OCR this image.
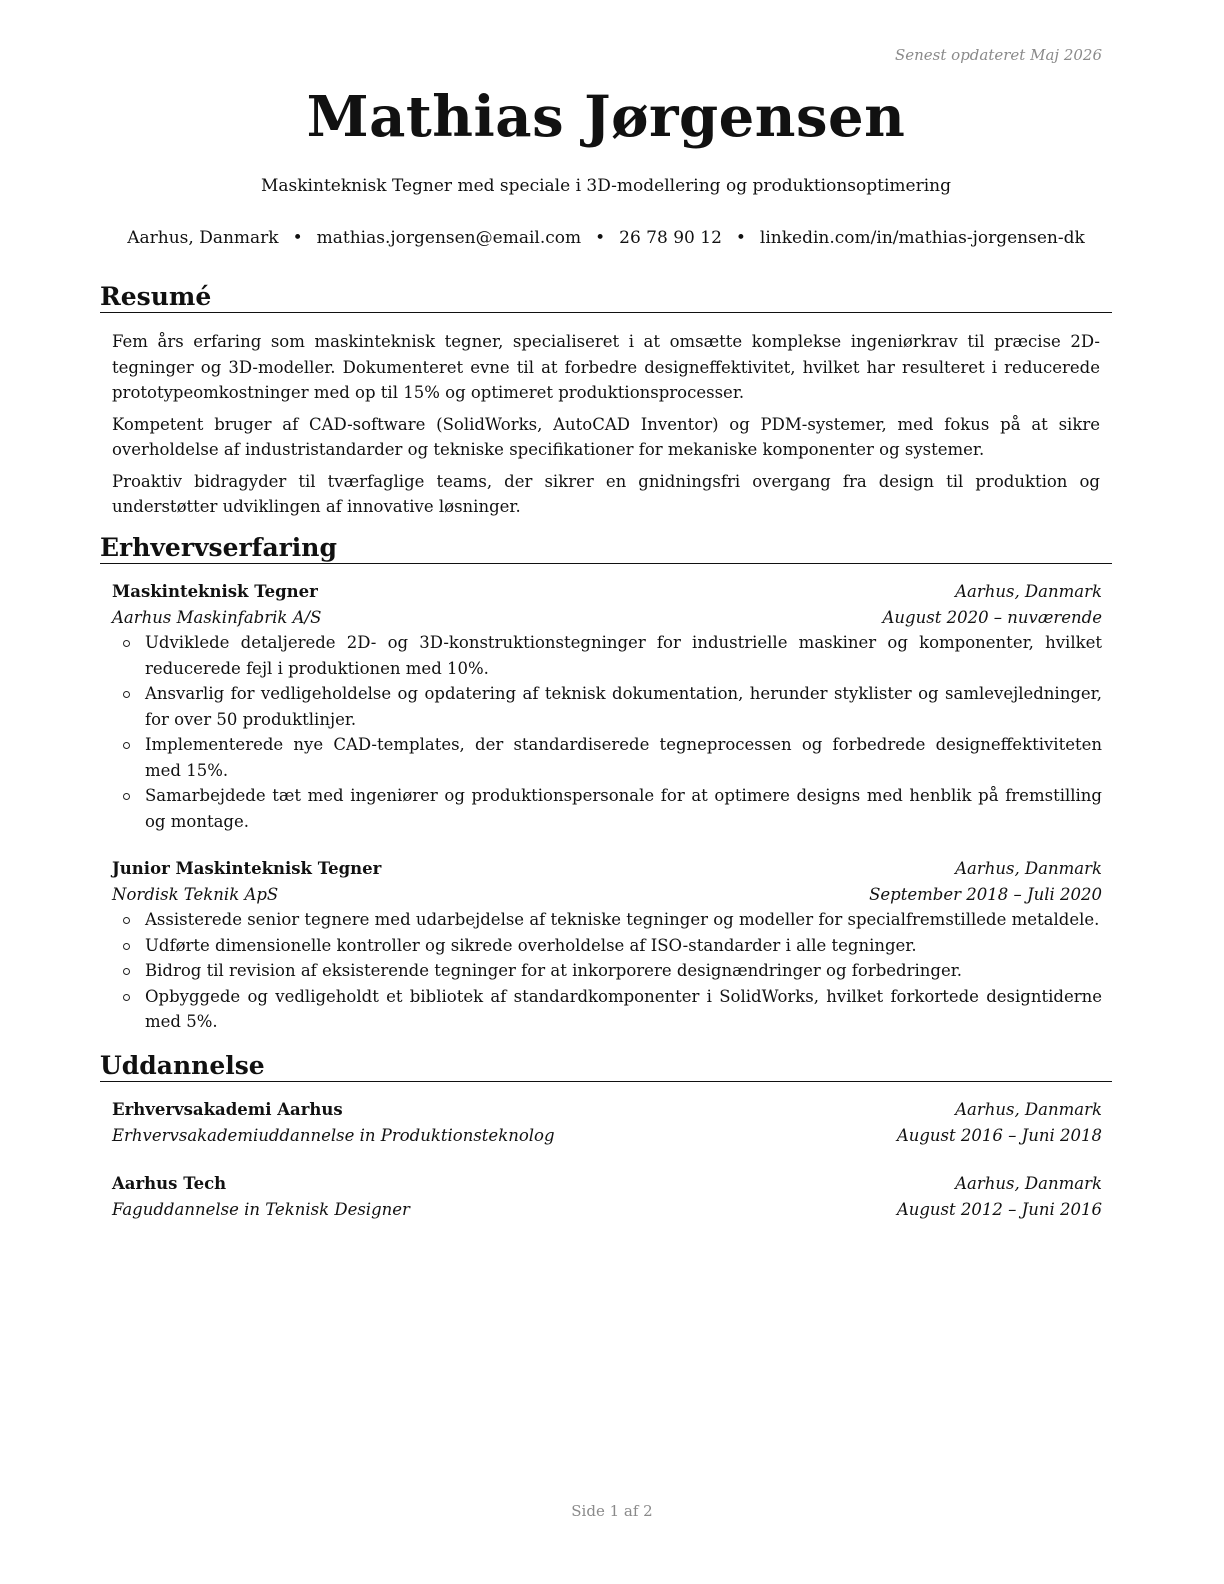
Senest opdateret Maj 2026
Mathias Jørgensen
Maskinteknisk Tegner med speciale i 3D-modellering og produktionsoptimering
Aarhus, Danmark • mathias.jorgensen@email.com • 26 78 90 12 • linkedin.com/in/mathias-jorgensen-dk
Resumé

Fem års erfaring som maskinteknisk tegner, specialiseret i at omsætte komplekse ingeniørkrav til præcise 2D-tegninger og 3D-modeller. Dokumenteret evne til at forbedre designeffektivitet, hvilket har resulteret i reducerede prototypeomkostninger med op til 15% og optimeret produktionsprocesser.

Kompetent bruger af CAD-software (SolidWorks, AutoCAD Inventor) og PDM-systemer, med fokus på at sikre overholdelse af industristandarder og tekniske specifikationer for mekaniske komponenter og systemer.

Proaktiv bidragyder til tværfaglige teams, der sikrer en gnidningsfri overgang fra design til produktion og understøtter udviklingen af innovative løsninger.

Erhvervserfaring
Maskinteknisk Tegner	Aarhus, Danmark
Aarhus Maskinfabrik A/S	August 2020 – nuværende
Udviklede detaljerede 2D- og 3D-konstruktionstegninger for industrielle maskiner og komponenter, hvilket reducerede fejl i produktionen med 10%.
Ansvarlig for vedligeholdelse og opdatering af teknisk dokumentation, herunder styklister og samlevejledninger, for over 50 produktlinjer.
Implementerede nye CAD-templates, der standardiserede tegneprocessen og forbedrede designeffektiviteten med 15%.
Samarbejdede tæt med ingeniører og produktionspersonale for at optimere designs med henblik på fremstilling og montage.
Junior Maskinteknisk Tegner	Aarhus, Danmark
Nordisk Teknik ApS	September 2018 – Juli 2020
Assisterede senior tegnere med udarbejdelse af tekniske tegninger og modeller for specialfremstillede metaldele.
Udførte dimensionelle kontroller og sikrede overholdelse af ISO-standarder i alle tegninger.
Bidrog til revision af eksisterende tegninger for at inkorporere designændringer og forbedringer.
Opbyggede og vedligeholdt et bibliotek af standardkomponenter i SolidWorks, hvilket forkortede designtiderne med 5%.
Uddannelse
Erhvervsakademi Aarhus	Aarhus, Danmark
Erhvervsakademiuddannelse in Produktionsteknolog	August 2016 – Juni 2018
Aarhus Tech	Aarhus, Danmark
Faguddannelse in Teknisk Designer	August 2012 – Juni 2016
Side 1 af 2
